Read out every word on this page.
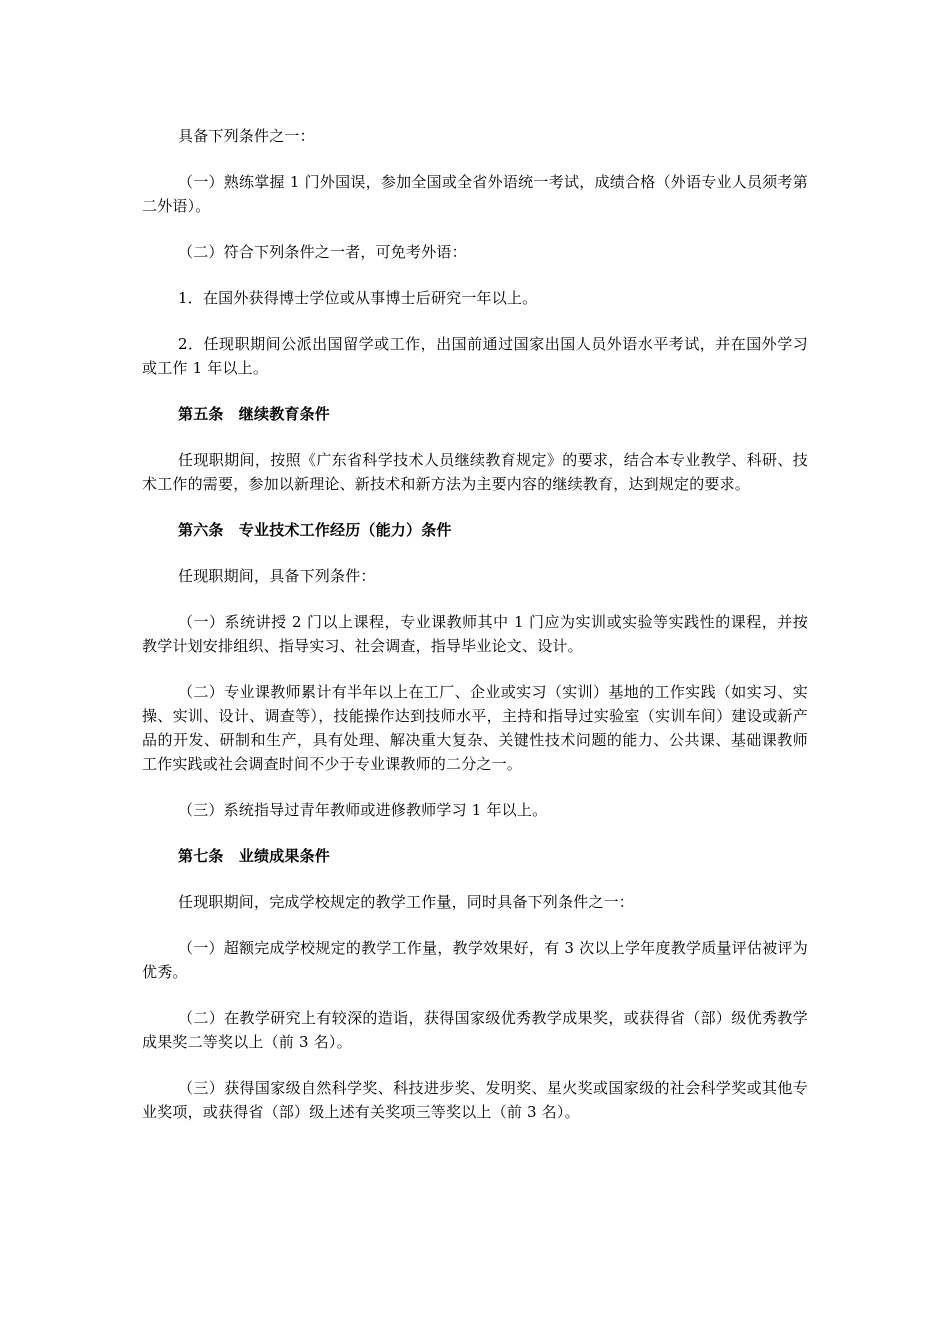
具备下列条件之一：

（一）熟练掌握 1 门外国误，参加全国或全省外语统一考试，成绩合格（外语专业人员须考第二外语）。

（二）符合下列条件之一者，可免考外语：

1．在国外获得博士学位或从事博士后研究一年以上。

2．任现职期间公派出国留学或工作，出国前通过国家出国人员外语水平考试，并在国外学习或工作 1 年以上。

第五条　继续教育条件

任现职期间，按照《广东省科学技术人员继续教育规定》的要求，结合本专业教学、科研、技术工作的需要，参加以新理论、新技术和新方法为主要内容的继续教育，达到规定的要求。

第六条　专业技术工作经历（能力）条件

任现职期间，具备下列条件：

（一）系统讲授 2 门以上课程，专业课教师其中 1 门应为实训或实验等实践性的课程，并按教学计划安排组织、指导实习、社会调查，指导毕业论文、设计。

（二）专业课教师累计有半年以上在工厂、企业或实习（实训）基地的工作实践（如实习、实操、实训、设计、调查等），技能操作达到技师水平，主持和指导过实验室（实训车间）建设或新产品的开发、研制和生产，具有处理、解决重大复杂、关键性技术问题的能力、公共课、基础课教师工作实践或社会调查时间不少于专业课教师的二分之一。

（三）系统指导过青年教师或进修教师学习 1 年以上。

第七条　业绩成果条件

任现职期间，完成学校规定的教学工作量，同时具备下列条件之一：

（一）超额完成学校规定的教学工作量，教学效果好，有 3 次以上学年度教学质量评估被评为优秀。

（二）在教学研究上有较深的造诣，获得国家级优秀教学成果奖，或获得省（部）级优秀教学成果奖二等奖以上（前 3 名）。

（三）获得国家级自然科学奖、科技进步奖、发明奖、星火奖或国家级的社会科学奖或其他专业奖项，或获得省（部）级上述有关奖项三等奖以上（前 3 名）。
